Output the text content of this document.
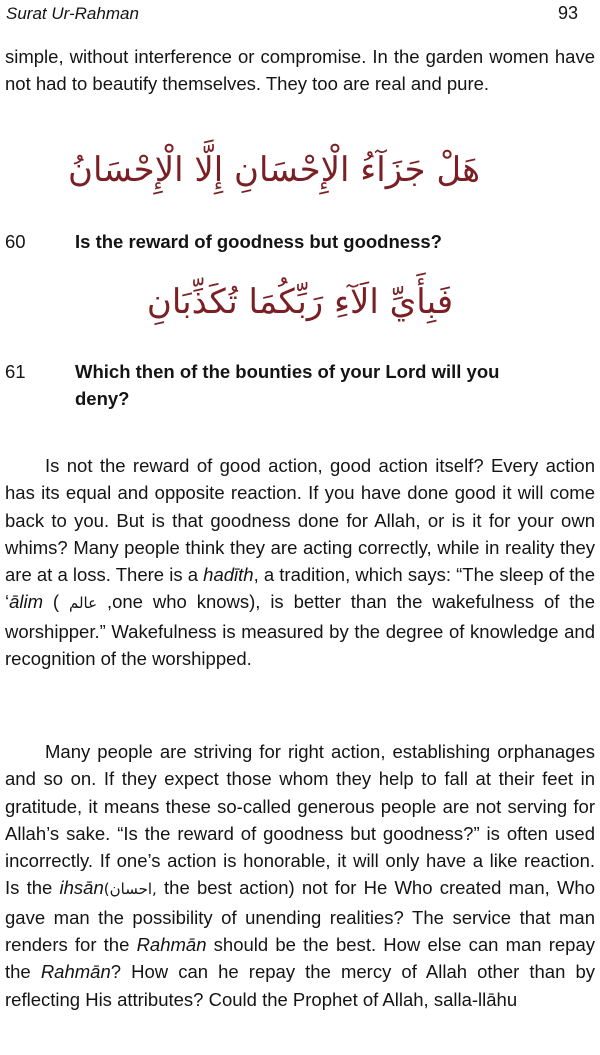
Surat Ur-Rahman	93

simple, without interference or compromise. In the garden women have not had to beautify themselves. They too are real and pure.

هَلْ جَزَآءُ الْإِحْسَانِ إِلَّا الْإِحْسَانُ
60	Is the reward of goodness but goodness?
فَبِأَيِّ الَآءِ رَبِّكُمَا تُكَذِّبَانِ
61	Which then of the bounties of your Lord will you deny?

Is not the reward of good action, good action itself? Every action has its equal and opposite reaction. If you have done good it will come back to you. But is that goodness done for Allah, or is it for your own whims? Many people think they are acting correctly, while in reality they are at a loss. There is a hadīth, a tradition, which says: “The sleep of the ‘ālim ( عالم ,one who knows), is better than the wakefulness of the worshipper.” Wakefulness is measured by the degree of knowledge and recognition of the worshipped.

Many people are striving for right action, establishing orphanages and so on. If they expect those whom they help to fall at their feet in gratitude, it means these so-called generous people are not serving for Allah’s sake. “Is the reward of goodness but goodness?” is often used incorrectly. If one’s action is honorable, it will only have a like reaction. Is the ihsān(احسان, the best action) not for He Who created man, Who gave man the possibility of unending realities? The service that man renders for the Rahmān should be the best. How else can man repay the Rahmān? How can he repay the mercy of Allah other than by reflecting His attributes? Could the Prophet of Allah, salla-llāhu
